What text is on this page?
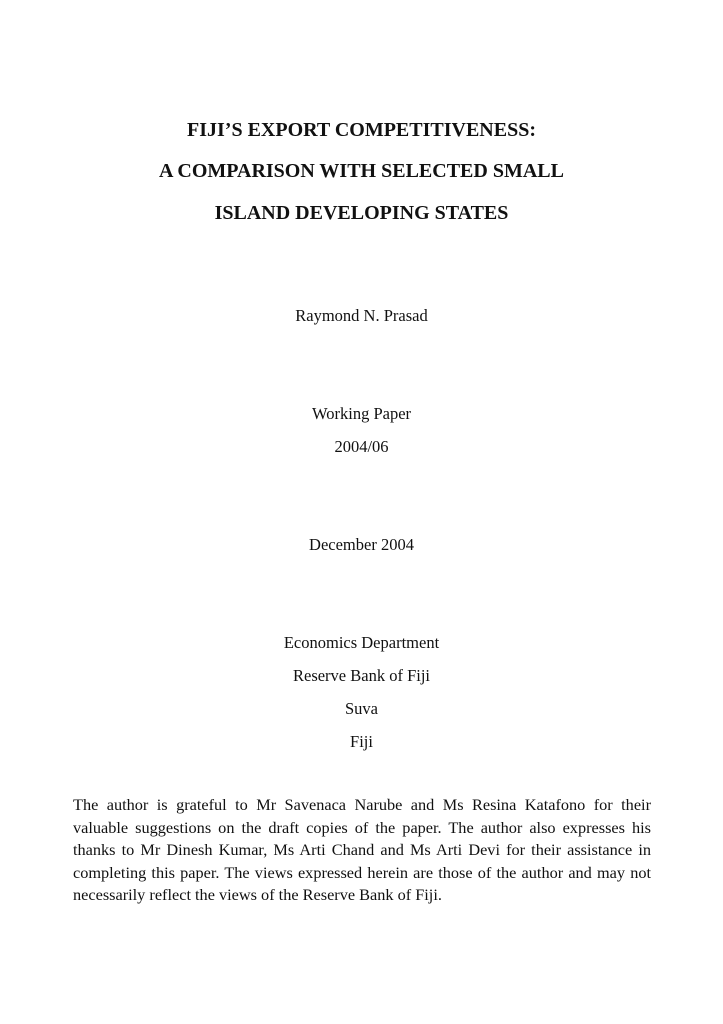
FIJI’S EXPORT COMPETITIVENESS:
A COMPARISON WITH SELECTED SMALL
ISLAND DEVELOPING STATES
Raymond N. Prasad
Working Paper
2004/06
December 2004
Economics Department
Reserve Bank of Fiji
Suva
Fiji

The author is grateful to Mr Savenaca Narube and Ms Resina Katafono for their valuable suggestions on the draft copies of the paper. The author also expresses his thanks to Mr Dinesh Kumar, Ms Arti Chand and Ms Arti Devi for their assistance in completing this paper. The views expressed herein are those of the author and may not necessarily reflect the views of the Reserve Bank of Fiji.
